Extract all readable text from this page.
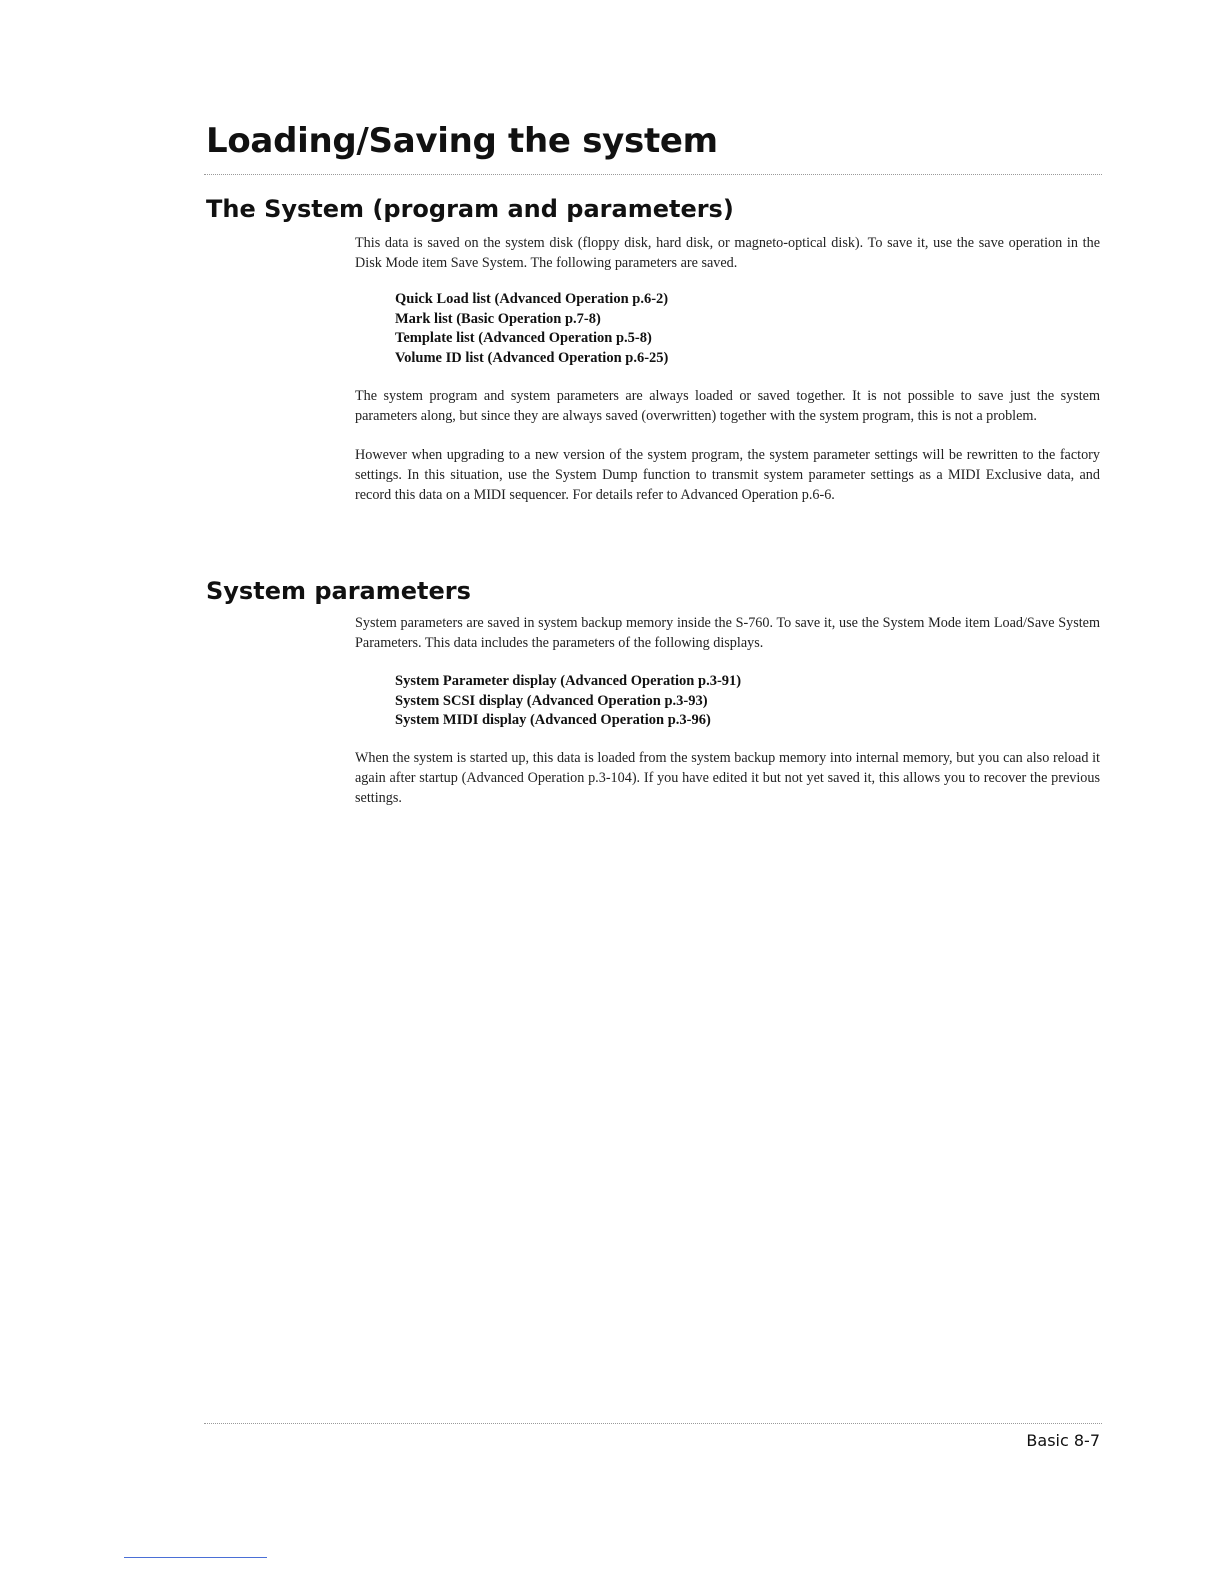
Loading/Saving the system
The System (program and parameters)

This data is saved on the system disk (floppy disk, hard disk, or magneto-optical disk). To save it, use the save operation in the Disk Mode item Save System. The following parameters are saved.

Quick Load list (Advanced Operation p.6-2)
Mark list (Basic Operation p.7-8)
Template list (Advanced Operation p.5-8)
Volume ID list (Advanced Operation p.6-25)

The system program and system parameters are always loaded or saved together. It is not possible to save just the system parameters along, but since they are always saved (overwritten) together with the system program, this is not a problem.

However when upgrading to a new version of the system program, the system parameter settings will be rewritten to the factory settings. In this situation, use the System Dump function to transmit system parameter settings as a MIDI Exclusive data, and record this data on a MIDI sequencer. For details refer to Advanced Operation p.6-6.

System parameters

System parameters are saved in system backup memory inside the S-760. To save it, use the System Mode item Load/Save System Parameters. This data includes the parameters of the following displays.

System Parameter display (Advanced Operation p.3-91)
System SCSI display (Advanced Operation p.3-93)
System MIDI display (Advanced Operation p.3-96)

When the system is started up, this data is loaded from the system backup memory into internal memory, but you can also reload it again after startup (Advanced Operation p.3-104). If you have edited it but not yet saved it, this allows you to recover the previous settings.

Basic 8-7
